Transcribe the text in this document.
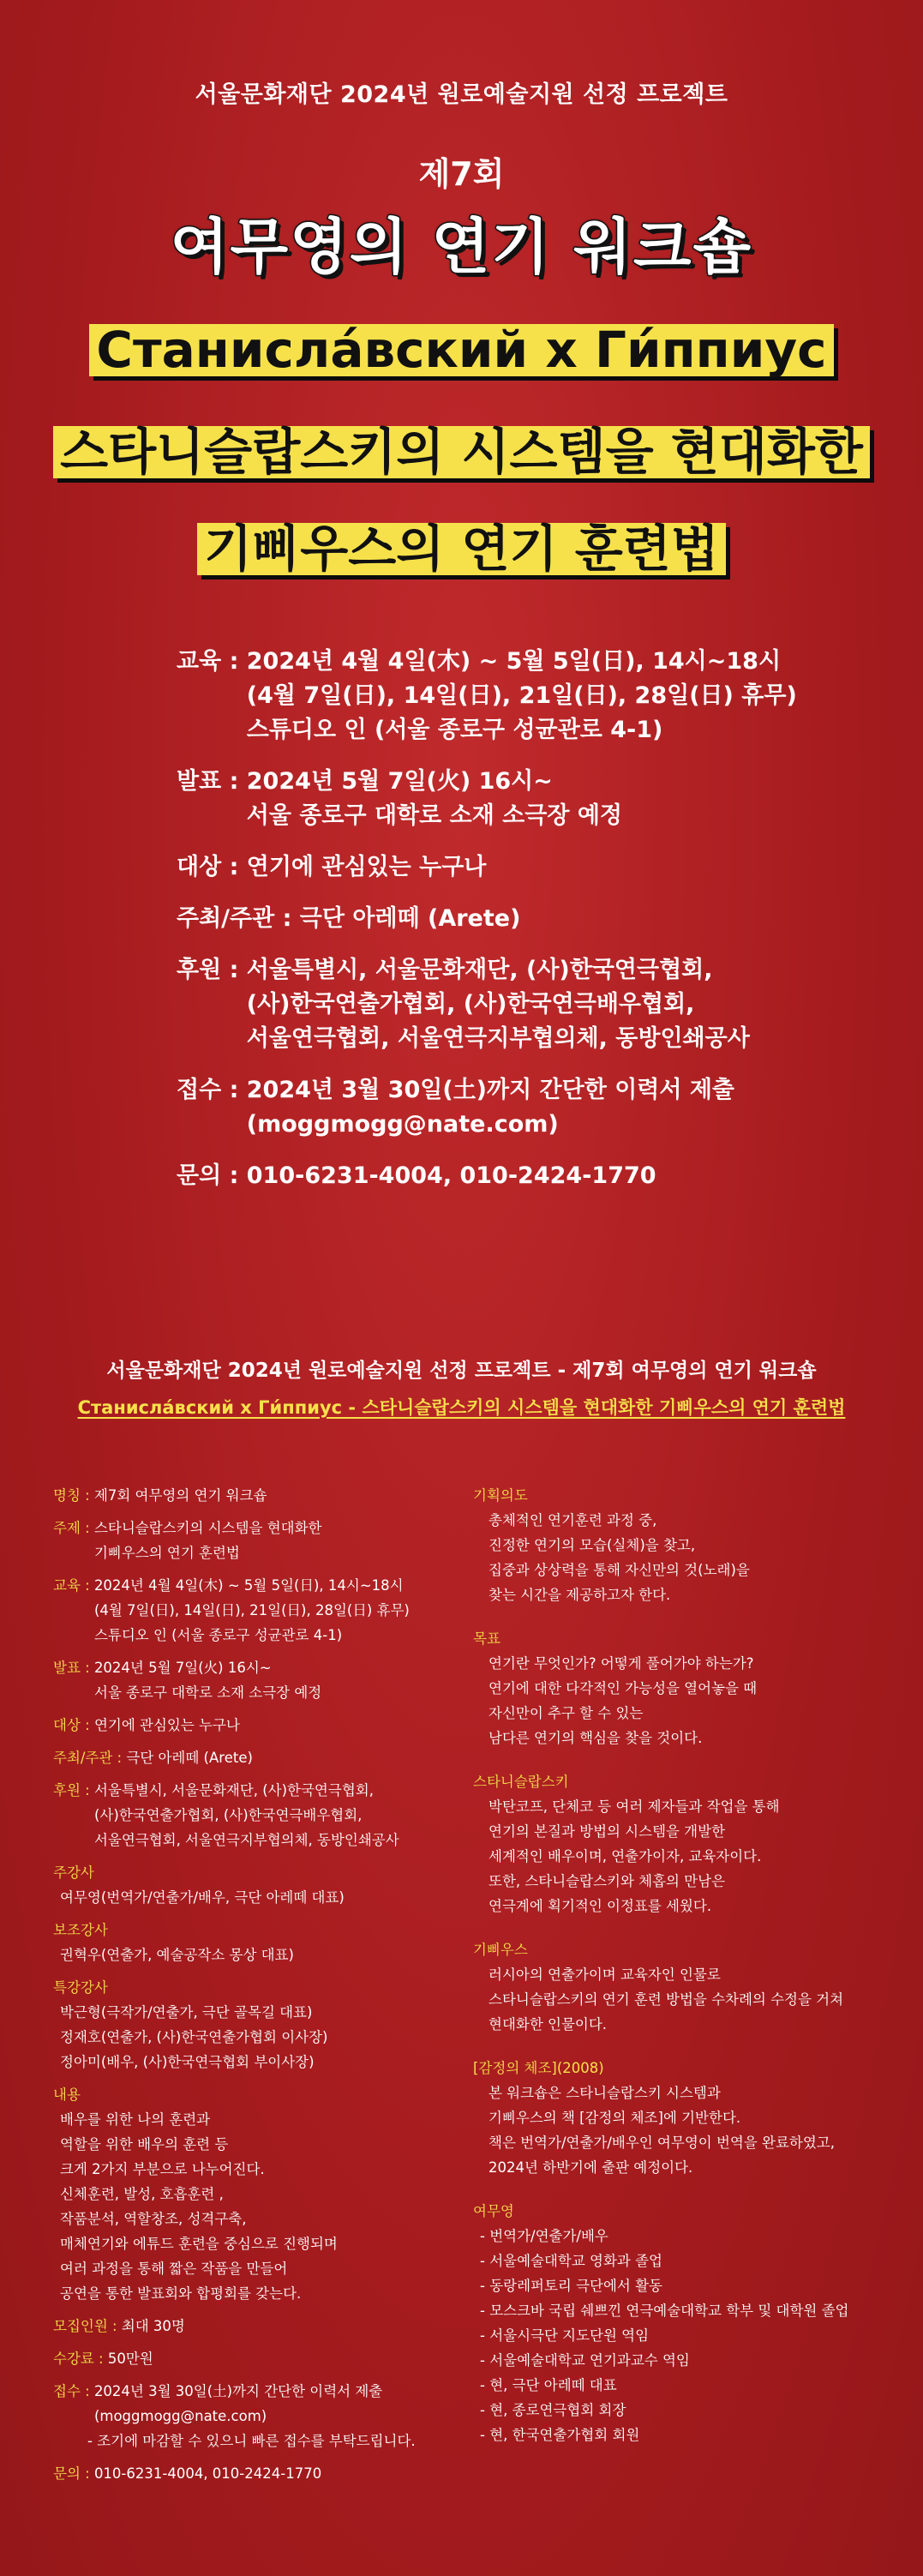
서울문화재단 2024년 원로예술지원 선정 프로젝트
제7회
여무영의 연기 워크숍
Станисла́вский x Ги́ппиус
스타니슬랍스키의 시스템을 현대화한
기삐우스의 연기 훈련법
교육 : 2024년 4월 4일(木) ~ 5월 5일(日), 14시~18시
(4월 7일(日), 14일(日), 21일(日), 28일(日) 휴무)
스튜디오 인 (서울 종로구 성균관로 4-1)
발표 : 2024년 5월 7일(火) 16시~
서울 종로구 대학로 소재 소극장 예정
대상 : 연기에 관심있는 누구나
주최/주관 : 극단 아레떼 (Arete)
후원 : 서울특별시, 서울문화재단, (사)한국연극협회,
(사)한국연출가협회, (사)한국연극배우협회,
서울연극협회, 서울연극지부협의체, 동방인쇄공사
접수 : 2024년 3월 30일(土)까지 간단한 이력서 제출
(moggmogg@nate.com)
문의 : 010-6231-4004, 010-2424-1770
서울문화재단 2024년 원로예술지원 선정 프로젝트 - 제7회 여무영의 연기 워크숍
Станисла́вский x Ги́ппиус - 스타니슬랍스키의 시스템을 현대화한 기삐우스의 연기 훈련법
명칭 : 제7회 여무영의 연기 워크숍
주제 : 스타니슬랍스키의 시스템을 현대화한
기삐우스의 연기 훈련법
교육 : 2024년 4월 4일(木) ~ 5월 5일(日), 14시~18시
(4월 7일(日), 14일(日), 21일(日), 28일(日) 휴무)
스튜디오 인 (서울 종로구 성균관로 4-1)
발표 : 2024년 5월 7일(火) 16시~
서울 종로구 대학로 소재 소극장 예정
대상 : 연기에 관심있는 누구나
주최/주관 : 극단 아레떼 (Arete)
후원 : 서울특별시, 서울문화재단, (사)한국연극협회,
(사)한국연출가협회, (사)한국연극배우협회,
서울연극협회, 서울연극지부협의체, 동방인쇄공사
주강사
여무영(번역가/연출가/배우, 극단 아레떼 대표)
보조강사
권혁우(연출가, 예술공작소 몽상 대표)
특강강사
박근형(극작가/연출가, 극단 골목길 대표)
정재호(연출가, (사)한국연출가협회 이사장)
정아미(배우, (사)한국연극협회 부이사장)
내용
배우를 위한 나의 훈련과
역할을 위한 배우의 훈련 등
크게 2가지 부분으로 나누어진다.
신체훈련, 발성, 호흡훈련 ,
작품분석, 역할창조, 성격구축,
매체연기와 에튜드 훈련을 중심으로 진행되며
여러 과정을 통해 짧은 작품을 만들어
공연을 통한 발표회와 합평회를 갖는다.
모집인원 : 최대 30명
수강료 : 50만원
접수 : 2024년 3월 30일(土)까지 간단한 이력서 제출
(moggmogg@nate.com)
- 조기에 마감할 수 있으니 빠른 접수를 부탁드립니다.
문의 : 010-6231-4004, 010-2424-1770
기획의도
총체적인 연기훈련 과정 중,
진정한 연기의 모습(실체)을 찾고,
집중과 상상력을 통해 자신만의 것(노래)을
찾는 시간을 제공하고자 한다.
목표
연기란 무엇인가? 어떻게 풀어가야 하는가?
연기에 대한 다각적인 가능성을 열어놓을 때
자신만이 추구 할 수 있는
남다른 연기의 핵심을 찾을 것이다.
스타니슬랍스키
박탄코프, 단체코 등 여러 제자들과 작업을 통해
연기의 본질과 방법의 시스템을 개발한
세계적인 배우이며, 연출가이자, 교육자이다.
또한, 스타니슬랍스키와 체홉의 만남은
연극계에 획기적인 이정표를 세웠다.
기삐우스
러시아의 연출가이며 교육자인 인물로
스타니슬랍스키의 연기 훈련 방법을 수차례의 수정을 거쳐
현대화한 인물이다.
[감정의 체조](2008)
본 워크숍은 스타니슬랍스키 시스템과
기삐우스의 책 [감정의 체조]에 기반한다.
책은 번역가/연출가/배우인 여무영이 번역을 완료하였고,
2024년 하반기에 출판 예정이다.
여무영
- 번역가/연출가/배우
- 서울예술대학교 영화과 졸업
- 동랑레퍼토리 극단에서 활동
- 모스크바 국립 쉐쁘낀 연극예술대학교 학부 및 대학원 졸업
- 서울시극단 지도단원 역임
- 서울예술대학교 연기과교수 역임
- 현, 극단 아레떼 대표
- 현, 종로연극협회 회장
- 현, 한국연출가협회 회원
